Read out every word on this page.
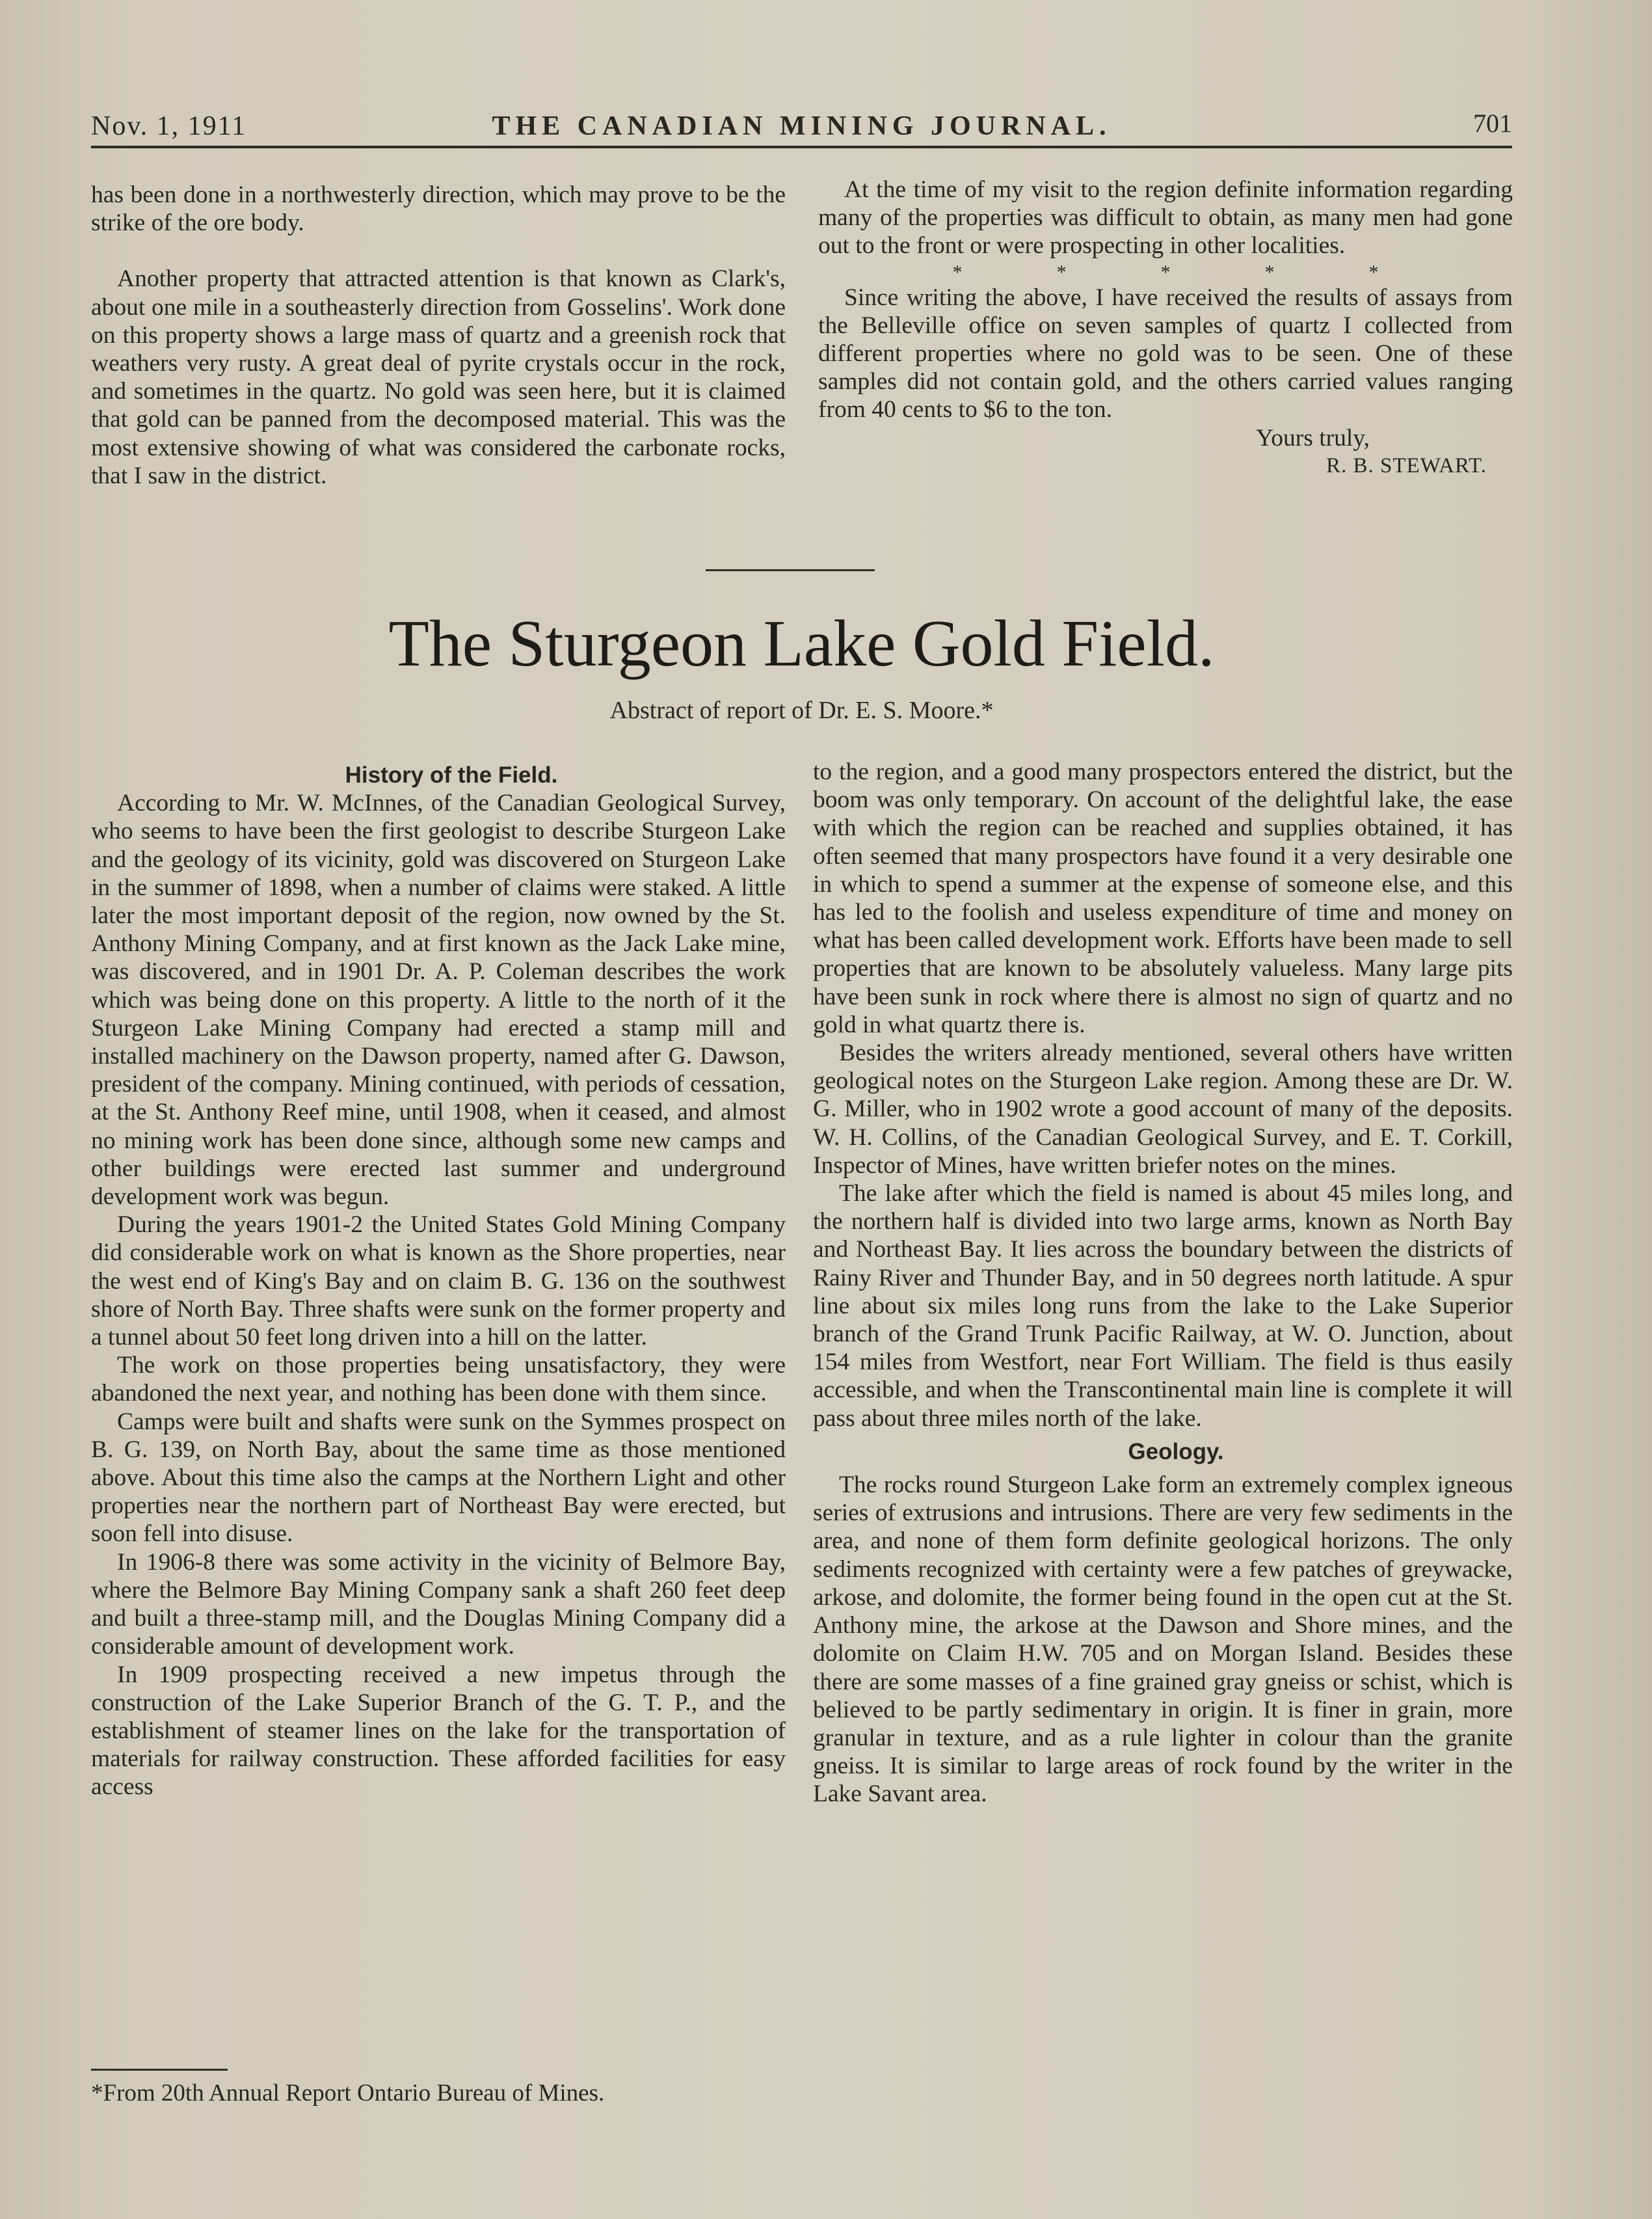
Nov. 1, 1911	THE CANADIAN MINING JOURNAL.	701

has been done in a northwesterly direction, which may prove to be the strike of the ore body.

Another property that attracted attention is that known as Clark's, about one mile in a southeasterly direction from Gosselins'. Work done on this property shows a large mass of quartz and a greenish rock that weathers very rusty. A great deal of pyrite crystals occur in the rock, and sometimes in the quartz. No gold was seen here, but it is claimed that gold can be panned from the decomposed material. This was the most extensive showing of what was considered the carbonate rocks, that I saw in the district.

At the time of my visit to the region definite information regarding many of the properties was difficult to obtain, as many men had gone out to the front or were prospecting in other localities.

*	*	*	*	*

Since writing the above, I have received the results of assays from the Belleville office on seven samples of quartz I collected from different properties where no gold was to be seen. One of these samples did not contain gold, and the others carried values ranging from 40 cents to $6 to the ton.

Yours truly,

R. B. STEWART.

The Sturgeon Lake Gold Field.
Abstract of report of Dr. E. S. Moore.*

History of the Field.

According to Mr. W. McInnes, of the Canadian Geological Survey, who seems to have been the first geologist to describe Sturgeon Lake and the geology of its vicinity, gold was discovered on Sturgeon Lake in the summer of 1898, when a number of claims were staked. A little later the most important deposit of the region, now owned by the St. Anthony Mining Company, and at first known as the Jack Lake mine, was discovered, and in 1901 Dr. A. P. Coleman describes the work which was being done on this property. A little to the north of it the Sturgeon Lake Mining Company had erected a stamp mill and installed machinery on the Dawson property, named after G. Dawson, president of the company. Mining continued, with periods of cessation, at the St. Anthony Reef mine, until 1908, when it ceased, and almost no mining work has been done since, although some new camps and other buildings were erected last summer and underground development work was begun.

During the years 1901-2 the United States Gold Mining Company did considerable work on what is known as the Shore properties, near the west end of King's Bay and on claim B. G. 136 on the southwest shore of North Bay. Three shafts were sunk on the former property and a tunnel about 50 feet long driven into a hill on the latter.

The work on those properties being unsatisfactory, they were abandoned the next year, and nothing has been done with them since.

Camps were built and shafts were sunk on the Symmes prospect on B. G. 139, on North Bay, about the same time as those mentioned above. About this time also the camps at the Northern Light and other properties near the northern part of Northeast Bay were erected, but soon fell into disuse.

In 1906-8 there was some activity in the vicinity of Belmore Bay, where the Belmore Bay Mining Company sank a shaft 260 feet deep and built a three-stamp mill, and the Douglas Mining Company did a considerable amount of development work.

In 1909 prospecting received a new impetus through the construction of the Lake Superior Branch of the G. T. P., and the establishment of steamer lines on the lake for the transportation of materials for railway construction. These afforded facilities for easy access

to the region, and a good many prospectors entered the district, but the boom was only temporary. On account of the delightful lake, the ease with which the region can be reached and supplies obtained, it has often seemed that many prospectors have found it a very desirable one in which to spend a summer at the expense of someone else, and this has led to the foolish and useless expenditure of time and money on what has been called development work. Efforts have been made to sell properties that are known to be absolutely valueless. Many large pits have been sunk in rock where there is almost no sign of quartz and no gold in what quartz there is.

Besides the writers already mentioned, several others have written geological notes on the Sturgeon Lake region. Among these are Dr. W. G. Miller, who in 1902 wrote a good account of many of the deposits. W. H. Collins, of the Canadian Geological Survey, and E. T. Corkill, Inspector of Mines, have written briefer notes on the mines.

The lake after which the field is named is about 45 miles long, and the northern half is divided into two large arms, known as North Bay and Northeast Bay. It lies across the boundary between the districts of Rainy River and Thunder Bay, and in 50 degrees north latitude. A spur line about six miles long runs from the lake to the Lake Superior branch of the Grand Trunk Pacific Railway, at W. O. Junction, about 154 miles from Westfort, near Fort William. The field is thus easily accessible, and when the Transcontinental main line is complete it will pass about three miles north of the lake.

Geology.

The rocks round Sturgeon Lake form an extremely complex igneous series of extrusions and intrusions. There are very few sediments in the area, and none of them form definite geological horizons. The only sediments recognized with certainty were a few patches of greywacke, arkose, and dolomite, the former being found in the open cut at the St. Anthony mine, the arkose at the Dawson and Shore mines, and the dolomite on Claim H.W. 705 and on Morgan Island. Besides these there are some masses of a fine grained gray gneiss or schist, which is believed to be partly sedimentary in origin. It is finer in grain, more granular in texture, and as a rule lighter in colour than the granite gneiss. It is similar to large areas of rock found by the writer in the Lake Savant area.

*From 20th Annual Report Ontario Bureau of Mines.
